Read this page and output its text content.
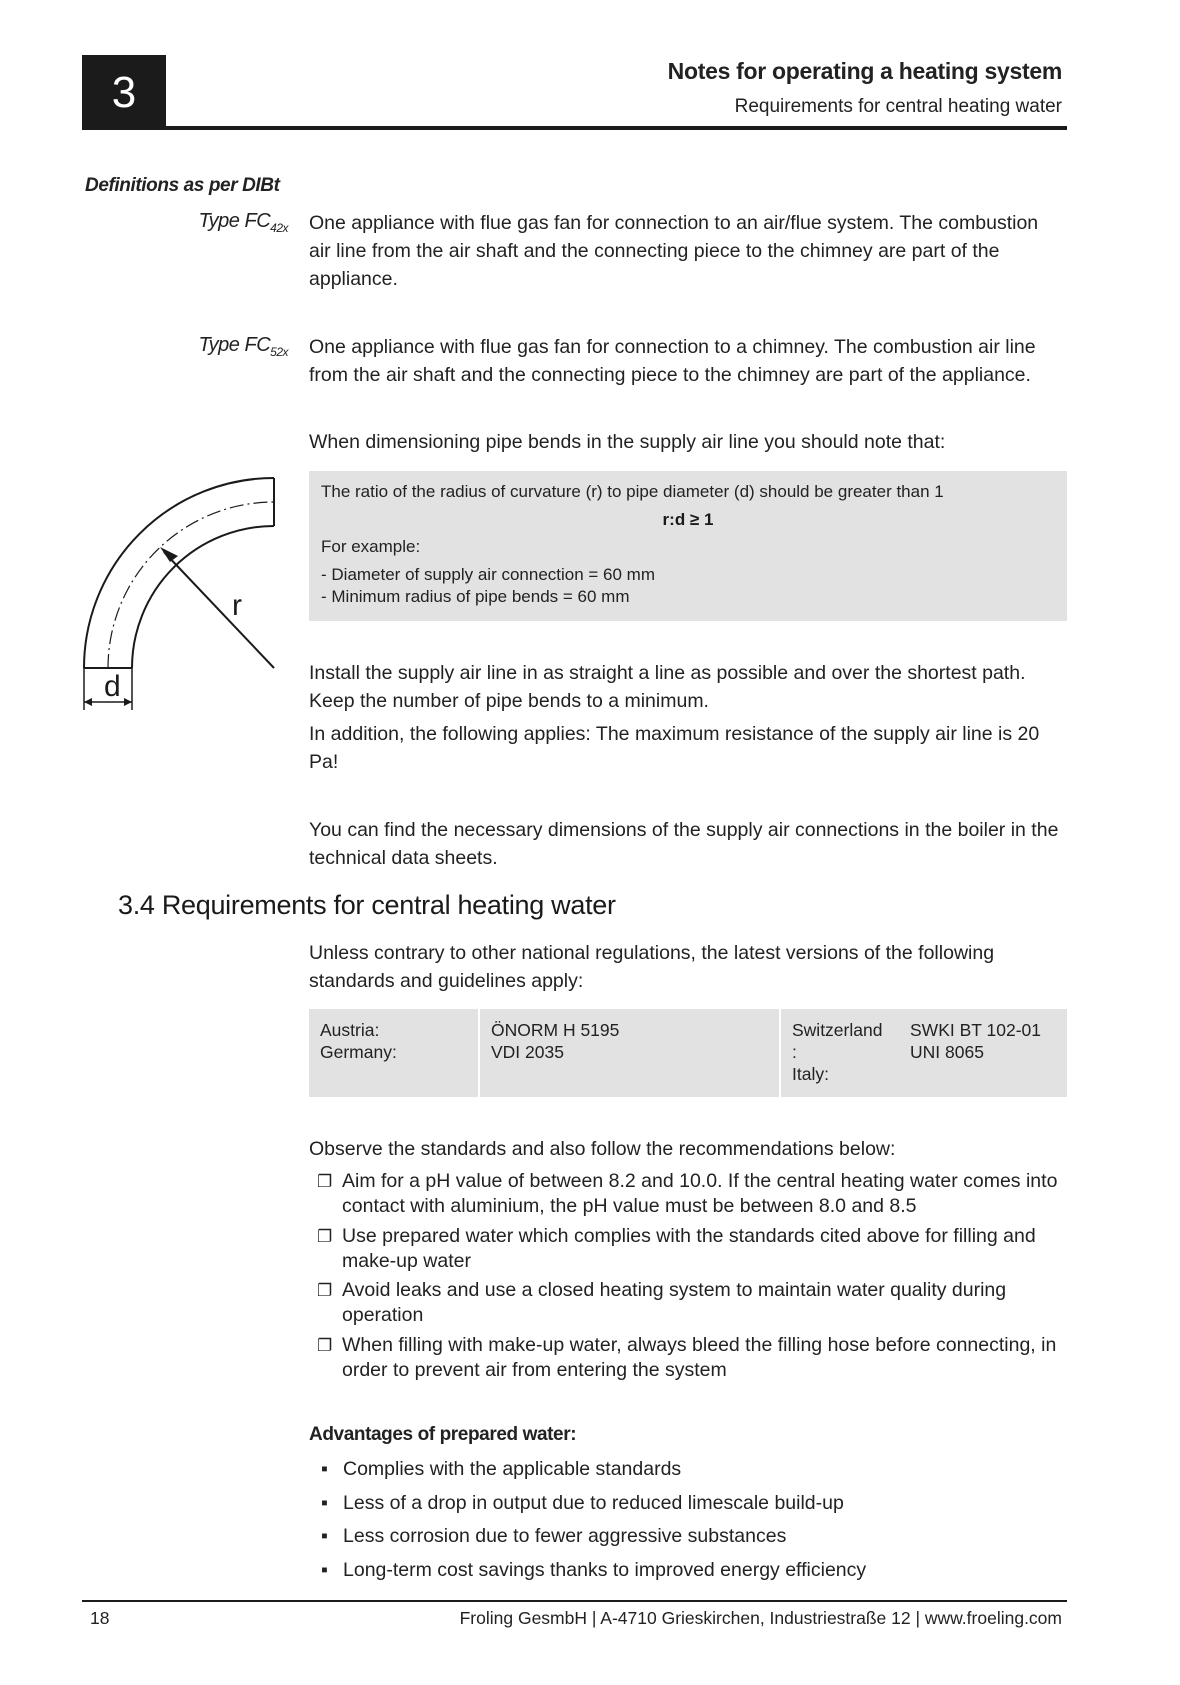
3	Notes for operating a heating system
Requirements for central heating water
Definitions as per DIBt
Type $FC_{42x}$ One appliance with flue gas fan for connection to an air/flue system. The combustion air line from the air shaft and the connecting piece to the chimney are part of the appliance.
Type $FC_{52x}$ One appliance with flue gas fan for connection to a chimney. The combustion air line from the air shaft and the connecting piece to the chimney are part of the appliance.
When dimensioning pipe bends in the supply air line you should note that:
r
d
The ratio of the radius of curvature (r) to pipe diameter (d) should be greater than 1
r:d ≥ 1
For example:
- Diameter of supply air connection = 60 mm
- Minimum radius of pipe bends = 60 mm
Install the supply air line in as straight a line as possible and over the shortest path. Keep the number of pipe bends to a minimum.
In addition, the following applies: The maximum resistance of the supply air line is 20 Pa!
You can find the necessary dimensions of the supply air connections in the boiler in the technical data sheets.
3.4 Requirements for central heating water
Unless contrary to other national regulations, the latest versions of the following standards and guidelines apply:
Austria:
Germany:
ÖNORM H 5195
VDI 2035
Switzerland
:
Italy:
SWKI BT 102-01
UNI 8065
Observe the standards and also follow the recommendations below:
❐ Aim for a pH value of between 8.2 and 10.0. If the central heating water comes into contact with aluminium, the pH value must be between 8.0 and 8.5
❐ Use prepared water which complies with the standards cited above for filling and make-up water
❐ Avoid leaks and use a closed heating system to maintain water quality during operation
❐ When filling with make-up water, always bleed the filling hose before connecting, in order to prevent air from entering the system
Advantages of prepared water:
▪ Complies with the applicable standards
▪ Less of a drop in output due to reduced limescale build-up
▪ Less corrosion due to fewer aggressive substances
▪ Long-term cost savings thanks to improved energy efficiency
18	Froling GesmbH | A-4710 Grieskirchen, Industriestraße 12 | www.froeling.com
